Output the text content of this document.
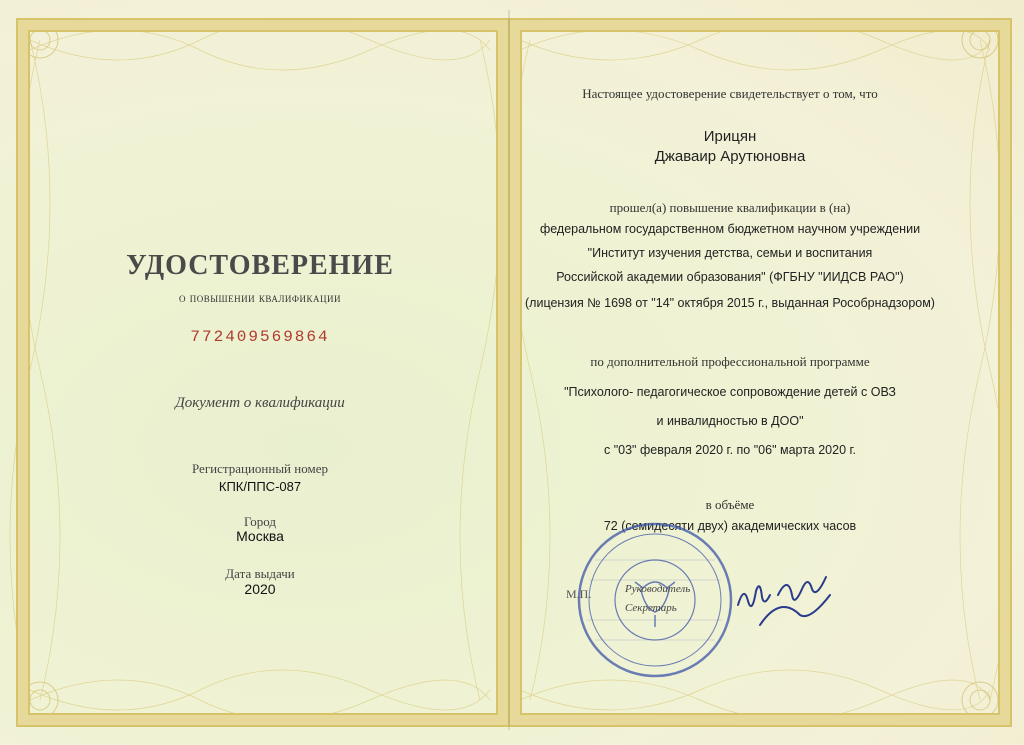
УДОСТОВЕРЕНИЕ
о повышении квалификации
772409569864
Документ о квалификации
Регистрационный номер
КПК/ППС-087
Город
Москва
Дата выдачи
2020
Настоящее удостоверение свидетельствует о том, что
Ирицян
Джаваир Арутюновна
прошел(а) повышение квалификации в (на)
федеральном государственном бюджетном научном учреждении
"Институт изучения детства, семьи и воспитания
Российской академии образования" (ФГБНУ "ИИДСВ РАО")
(лицензия № 1698 от "14" октября 2015 г., выданная Рособрнадзором)
по дополнительной профессиональной программе
"Психолого- педагогическое сопровождение детей с ОВЗ
и инвалидностью в ДОО"
с "03" февраля 2020 г. по "06" марта 2020 г.
в объёме
72 (семидесяти двух) академических часов
М.П.	Руководитель
Секретарь
